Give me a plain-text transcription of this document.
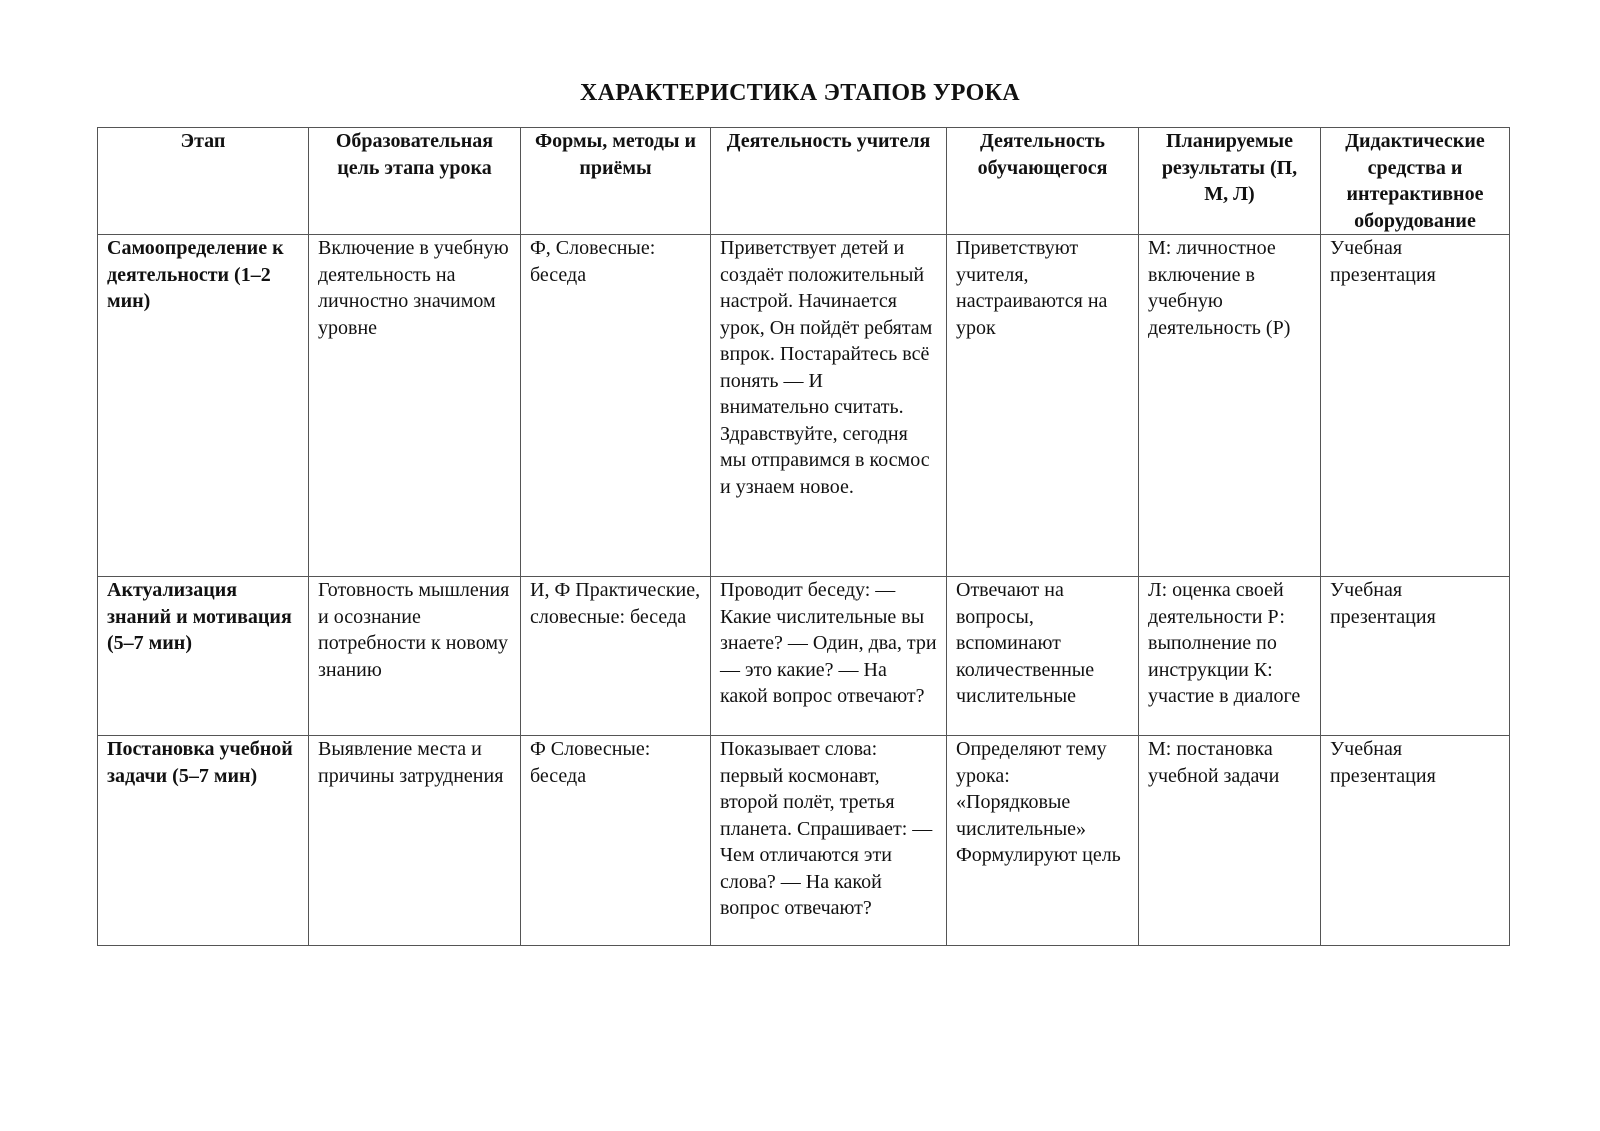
ХАРАКТЕРИСТИКА ЭТАПОВ УРОКА
Этап	Образовательная цель этапа урока	Формы, методы и приёмы	Деятельность учителя	Деятельность обучающегося	Планируемые результаты (П, М, Л)	Дидактические средства и интерактивное оборудование
Самоопределение к деятельности (1–2 мин)	Включение в учебную деятельность на личностно значимом уровне	Ф, Словесные: беседа	Приветствует детей и создаёт положительный настрой. Начинается урок, Он пойдёт ребятам впрок. Постарайтесь всё понять — И внимательно считать. Здравствуйте, сегодня мы отправимся в космос и узнаем новое.	Приветствуют учителя, настраиваются на урок	М: личностное включение в учебную деятельность (Р)	Учебная презентация
Актуализация знаний и мотивация (5–7 мин)	Готовность мышления и осознание потребности к новому знанию	И, Ф Практические, словесные: беседа	Проводит беседу: — Какие числительные вы знаете? — Один, два, три — это какие? — На какой вопрос отвечают?	Отвечают на вопросы, вспоминают количественные числительные	Л: оценка своей деятельности Р: выполнение по инструкции К: участие в диалоге	Учебная презентация
Постановка учебной задачи (5–7 мин)	Выявление места и причины затруднения	Ф Словесные: беседа	Показывает слова: первый космонавт, второй полёт, третья планета. Спрашивает: — Чем отличаются эти слова? — На какой вопрос отвечают?	Определяют тему урока: «Порядковые числительные» Формулируют цель	М: постановка учебной задачи	Учебная презентация
